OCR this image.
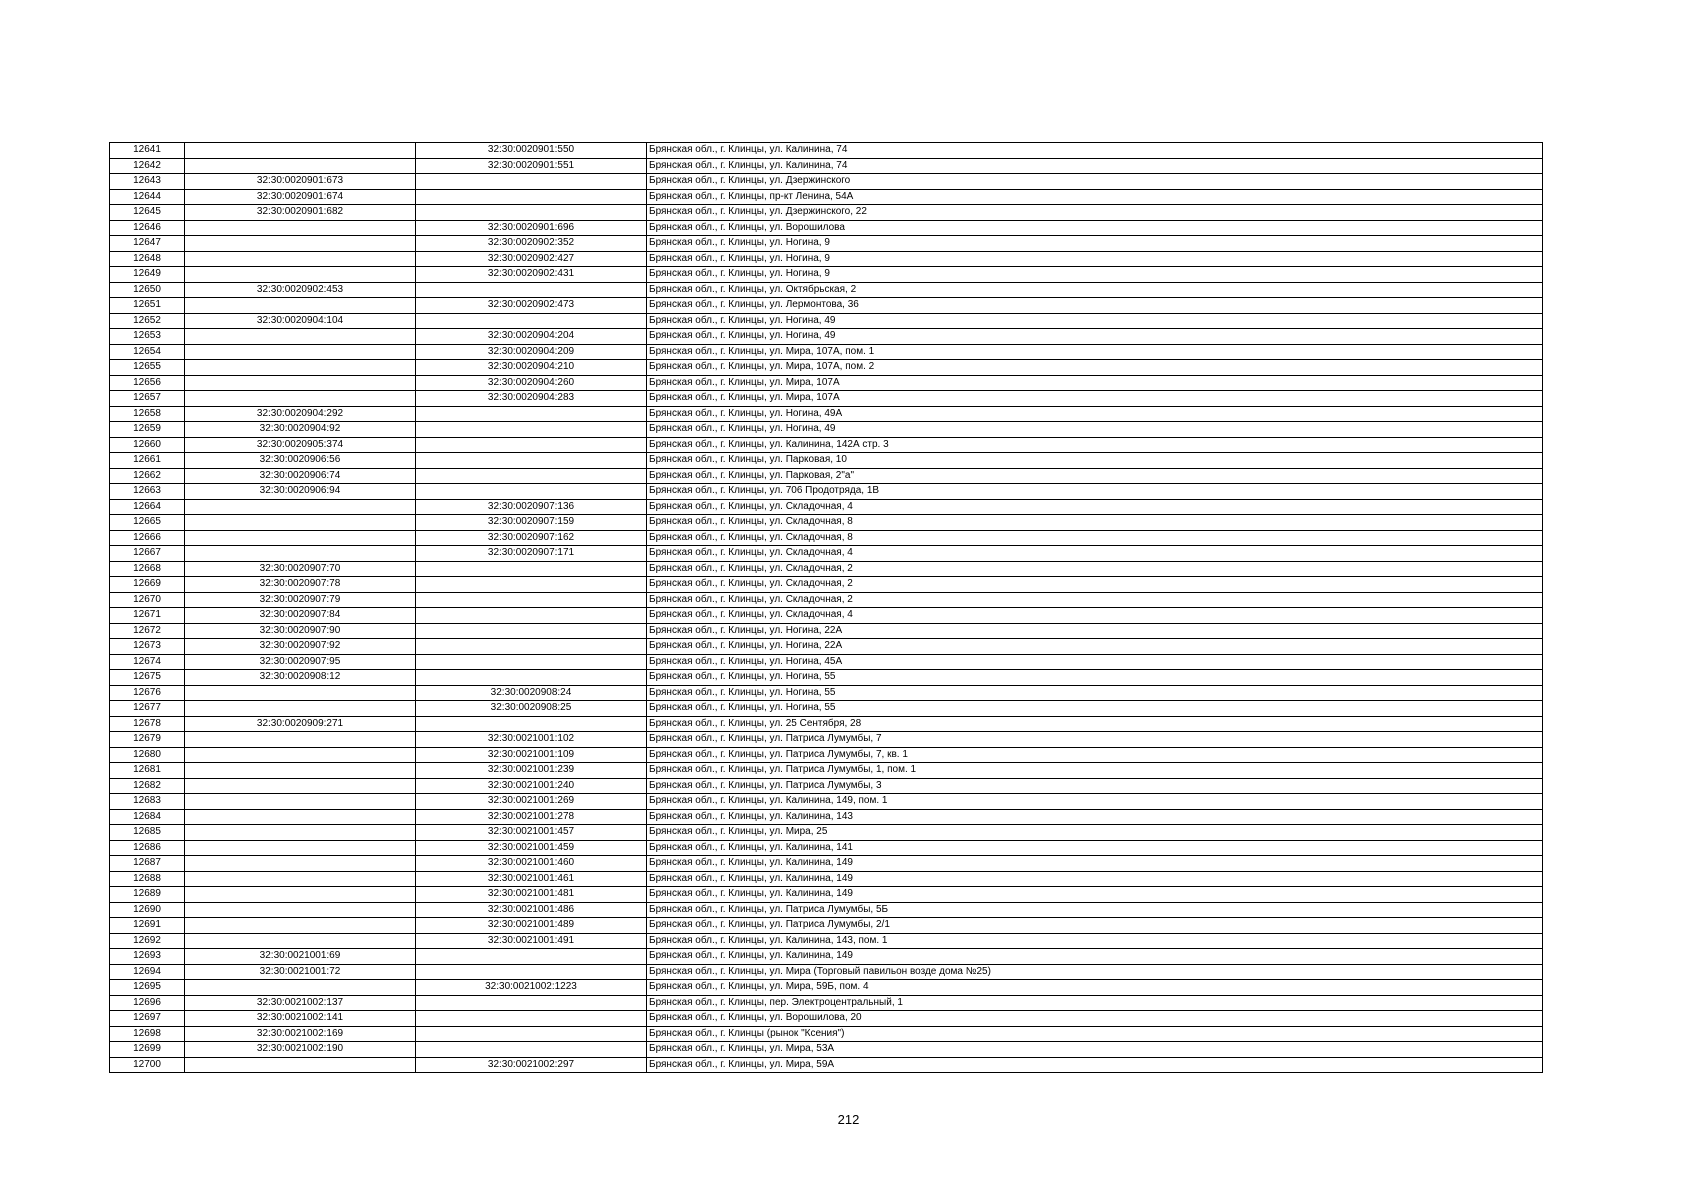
12641		32:30:0020901:550	Брянская обл., г. Клинцы, ул. Калинина, 74
12642		32:30:0020901:551	Брянская обл., г. Клинцы, ул. Калинина, 74
12643	32:30:0020901:673		Брянская обл., г. Клинцы, ул. Дзержинского
12644	32:30:0020901:674		Брянская обл., г. Клинцы, пр-кт Ленина, 54А
12645	32:30:0020901:682		Брянская обл., г. Клинцы, ул. Дзержинского, 22
12646		32:30:0020901:696	Брянская обл., г. Клинцы, ул. Ворошилова
12647		32:30:0020902:352	Брянская обл., г. Клинцы, ул. Ногина, 9
12648		32:30:0020902:427	Брянская обл., г. Клинцы, ул. Ногина, 9
12649		32:30:0020902:431	Брянская обл., г. Клинцы, ул. Ногина, 9
12650	32:30:0020902:453		Брянская обл., г. Клинцы, ул. Октябрьская, 2
12651		32:30:0020902:473	Брянская обл., г. Клинцы, ул. Лермонтова, 36
12652	32:30:0020904:104		Брянская обл., г. Клинцы, ул. Ногина, 49
12653		32:30:0020904:204	Брянская обл., г. Клинцы, ул. Ногина, 49
12654		32:30:0020904:209	Брянская обл., г. Клинцы, ул. Мира, 107А, пом. 1
12655		32:30:0020904:210	Брянская обл., г. Клинцы, ул. Мира, 107А, пом. 2
12656		32:30:0020904:260	Брянская обл., г. Клинцы, ул. Мира, 107А
12657		32:30:0020904:283	Брянская обл., г. Клинцы, ул. Мира, 107А
12658	32:30:0020904:292		Брянская обл., г. Клинцы, ул. Ногина, 49А
12659	32:30:0020904:92		Брянская обл., г. Клинцы, ул. Ногина, 49
12660	32:30:0020905:374		Брянская обл., г. Клинцы, ул. Калинина, 142А стр. 3
12661	32:30:0020906:56		Брянская обл., г. Клинцы, ул. Парковая, 10
12662	32:30:0020906:74		Брянская обл., г. Клинцы, ул. Парковая, 2"а"
12663	32:30:0020906:94		Брянская обл., г. Клинцы, ул. 706 Продотряда, 1В
12664		32:30:0020907:136	Брянская обл., г. Клинцы, ул. Складочная, 4
12665		32:30:0020907:159	Брянская обл., г. Клинцы, ул. Складочная, 8
12666		32:30:0020907:162	Брянская обл., г. Клинцы, ул. Складочная, 8
12667		32:30:0020907:171	Брянская обл., г. Клинцы, ул. Складочная, 4
12668	32:30:0020907:70		Брянская обл., г. Клинцы, ул. Складочная, 2
12669	32:30:0020907:78		Брянская обл., г. Клинцы, ул. Складочная, 2
12670	32:30:0020907:79		Брянская обл., г. Клинцы, ул. Складочная, 2
12671	32:30:0020907:84		Брянская обл., г. Клинцы, ул. Складочная, 4
12672	32:30:0020907:90		Брянская обл., г. Клинцы, ул. Ногина, 22А
12673	32:30:0020907:92		Брянская обл., г. Клинцы, ул. Ногина, 22А
12674	32:30:0020907:95		Брянская обл., г. Клинцы, ул. Ногина, 45А
12675	32:30:0020908:12		Брянская обл., г. Клинцы, ул. Ногина, 55
12676		32:30:0020908:24	Брянская обл., г. Клинцы, ул. Ногина, 55
12677		32:30:0020908:25	Брянская обл., г. Клинцы, ул. Ногина, 55
12678	32:30:0020909:271		Брянская обл., г. Клинцы, ул. 25 Сентября, 28
12679		32:30:0021001:102	Брянская обл., г. Клинцы, ул. Патриса Лумумбы, 7
12680		32:30:0021001:109	Брянская обл., г. Клинцы, ул. Патриса Лумумбы, 7, кв. 1
12681		32:30:0021001:239	Брянская обл., г. Клинцы, ул. Патриса Лумумбы, 1, пом. 1
12682		32:30:0021001:240	Брянская обл., г. Клинцы, ул. Патриса Лумумбы, 3
12683		32:30:0021001:269	Брянская обл., г. Клинцы, ул. Калинина, 149, пом. 1
12684		32:30:0021001:278	Брянская обл., г. Клинцы, ул. Калинина, 143
12685		32:30:0021001:457	Брянская обл., г. Клинцы, ул. Мира, 25
12686		32:30:0021001:459	Брянская обл., г. Клинцы, ул. Калинина, 141
12687		32:30:0021001:460	Брянская обл., г. Клинцы, ул. Калинина, 149
12688		32:30:0021001:461	Брянская обл., г. Клинцы, ул. Калинина, 149
12689		32:30:0021001:481	Брянская обл., г. Клинцы, ул. Калинина, 149
12690		32:30:0021001:486	Брянская обл., г. Клинцы, ул. Патриса Лумумбы, 5Б
12691		32:30:0021001:489	Брянская обл., г. Клинцы, ул. Патриса Лумумбы, 2/1
12692		32:30:0021001:491	Брянская обл., г. Клинцы, ул. Калинина, 143, пом. 1
12693	32:30:0021001:69		Брянская обл., г. Клинцы, ул. Калинина, 149
12694	32:30:0021001:72		Брянская обл., г. Клинцы, ул. Мира (Торговый павильон возде дома №25)
12695		32:30:0021002:1223	Брянская обл., г. Клинцы, ул. Мира, 59Б, пом. 4
12696	32:30:0021002:137		Брянская обл., г. Клинцы, пер. Электроцентральный, 1
12697	32:30:0021002:141		Брянская обл., г. Клинцы, ул. Ворошилова, 20
12698	32:30:0021002:169		Брянская обл., г. Клинцы (рынок "Ксения")
12699	32:30:0021002:190		Брянская обл., г. Клинцы, ул. Мира, 53А
12700		32:30:0021002:297	Брянская обл., г. Клинцы, ул. Мира, 59А
212
